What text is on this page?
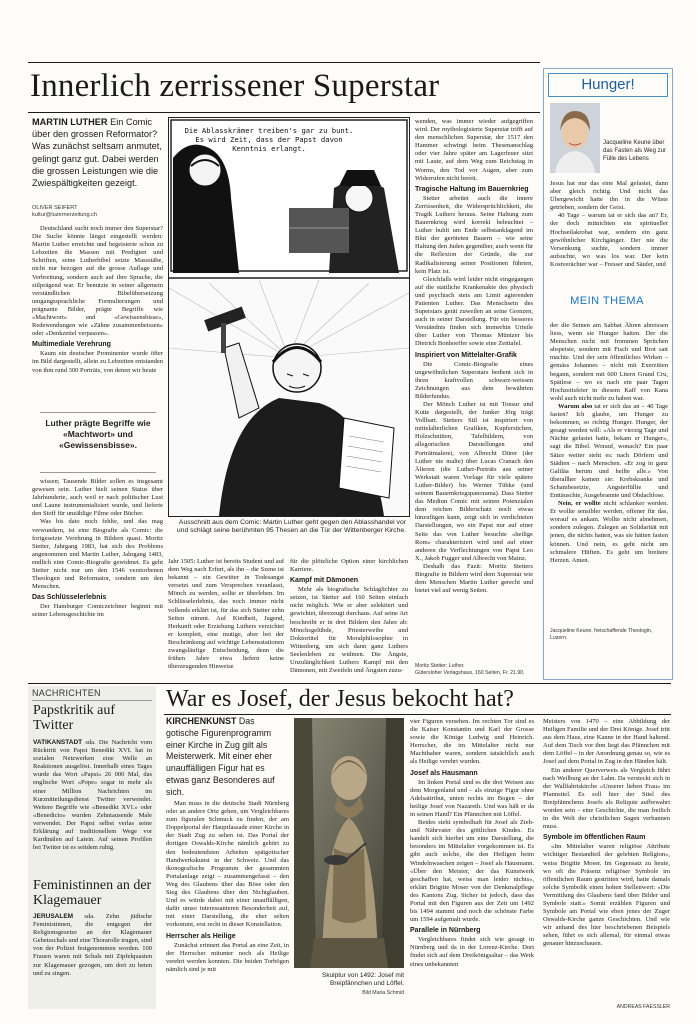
Innerlich zerrissener Superstar
MARTIN LUTHER Ein Comic über den grossen Reformator? Was zunächst seltsam anmutet, gelingt ganz gut. Dabei werden die grossen Leistungen wie die Zwiespältigkeiten gezeigt.
OLIVER SEIFERT
kultur@luzernerzeitung.ch

Deutschland sucht noch immer den Superstar? Die Suche könnte längst eingestellt werden: Martin Luther erreichte und begeisterte schon zu Lebzeiten die Massen mit Predigten und Schriften, seine Lutherbibel setzte Massstäbe, nicht nur bezogen auf die grosse Auflage und Verbreitung, sondern auch auf ihre Sprache, die stilprägend war. Er benutzte in seiner allgemein verständlichen Bibelübersetzung umgangssprachliche Formulierungen und prägnante Bilder, prägte Begriffe wie «Machtwort» und «Gewissensbisse», Redewendungen wie «Zähne zusammenbeissen» oder «Denkzettel verpassen».

Multimediale Verehrung

Kaum ein deutscher Prominenter wurde öfter im Bild dargestellt, allein zu Lebzeiten entstanden von ihm rund 300 Porträts, von denen wir heute

Luther prägte Begriffe wie «Machtwort» und «Gewissensbisse».

wissen; Tausende Bilder sollen es insgesamt gewesen sein. Luther hielt seinen Status über Jahrhunderte, auch weil er nach politischer Lust und Laune instrumentalisiert wurde, und lieferte den Stoff für unzählige Filme oder Bücher.

Was bis dato noch fehlte, und das mag verwundern, ist eine Biografie als Comic: die fortgesetzte Verehrung in Bildern quasi. Moritz Stetter, Jahrgang 1983, hat sich des Problems angenommen und Martin Luther, Jahrgang 1483, endlich eine Comic-Biografie gewidmet. Es geht Stetter nicht nur um den 1546 verstorbenen Theologen und Reformator, sondern um den Menschen.

Das Schlüsselerlebnis

Der Hamburger Comiczeichner beginnt mit seiner Lebensgeschichte im

Die Ablasskrämer treiben's gar zu bunt. Es wird Zeit, dass der Papst davon Kenntnis erlangt.
Ausschnitt aus dem Comic: Martin Luther geht gegen den Ablasshandel vor und schlägt seine berühmten 95 Thesen an die Tür der Wittenberger Kirche.

Jahr 1505: Luther ist bereits Student und auf dem Weg nach Erfurt, als ihn – die Szene ist bekannt – ein Gewitter in Todesangst versetzt und zum Versprechen veranlasst, Mönch zu werden, sollte er überleben. Im Schlüsselerlebnis, das noch immer nicht vollends erklärt ist, für das sich Stetter zehn Seiten nimmt. Auf Kindheit, Jugend, Herkunft oder Erziehung Luthers verzichtet er komplett, eine mutige, aber bei der Beschränkung auf wichtige Lebensstationen zwangsläufige Entscheidung, denn die frühen Jahre etwa liefern keine überzeugenden Hinweise

für die plötzliche Option einer kirchlichen Karriere.

Kampf mit Dämonen

Mehr als biografische Schlaglichter zu setzen, ist Stetter auf 160 Seiten einfach nicht möglich. Wie er aber selektiert und gewichtet, überzeugt durchaus. Auf seine Art beschreibt er in drei Bildern den Jahre ab: Mönchsgelübde, Priesterweihe und Doktortitel für Moralphilosophie in Wittenberg, um sich dann ganz Luthers Seelenleben zu widmen. Die Ängste, Unzulänglichkeit Luthers Kampf mit den Dämonen, mit Zweifeln und Ängsten zuzu-

wenden, was immer wieder aufgegriffen wird. Der mythologisierte Superstar trifft auf den menschlichen Superstar, der 1517 den Hammer schwingt beim Thesenanschlag oder vier Jahre später am Lagerfeuer sitzt mit Laute, auf dem Weg zum Reichstag in Worms, den Tod vor Augen, aber zum Widerrufen nicht bereit.

Tragische Haltung im Bauernkrieg

Stetter arbeitet auch die innere Zerrissenheit, die Widersprüchlichkeit, die Tragik Luthers heraus. Seine Haltung zum Bauernkrieg wird korrekt beleuchtet – Luther buhlt um Ende selbstanklagend im Blut der geröteten Bauern – wie seine Haltung den Juden gegenüber, auch wenn für die Reflexion der Gründe, die zur Radikalisierung seiner Positionen führten, kein Platz ist.

Gleichfalls wird leider nicht eingegangen auf die stattliche Krankenakte des physisch und psychisch stets am Limit agierenden Patienten Luther. Das Menschsein des Superstars gerät zuweilen an seine Grenzen, auch in seiner Darstellung. Für ein besseres Verständnis finden sich immerhin Urteile über Luther von Thomas Müntzer bis Dietrich Bonhoeffer sowie eine Zeittafel.

Inspiriert von Mittelalter-Grafik

Die Comic-Biografie eines ungewöhnlichen Superstars bedient sich in ihren kraftvollen schwarz-weissen Zeichnungen aus dem bewährten Bilderfundus.

Der Mönch Luther ist mit Tonsur und Kutte dargestellt, der Junker Jörg trägt Vollbart. Stetters Stil ist inspiriert von mittelalterlichen Grafiken, Kupferstichen, Holzschnitten, Tafelbildern, von allegorischen Darstellungen und Porträtmalerei, von Albrecht Dürer (der Luther nie malte) über Lucas Cranach den Älteren (die Luther-Porträts aus seiner Werkstatt waren Vorlage für viele spätere Luther-Bilder) bis Werner Tübke (und seinem Bauernkriegspanorama). Dass Stetter das Mediun Comic mit seinen Potenzialen dem reichen Bilderschatz noch etwas hinzufügen kann, zeigt sich in verdichteten Darstellungen, wo ein Papst nur auf einer Seite das von Luther besuchte «heilige Rom» charakterisiert wird und auf einer anderen die Verflechtungen von Papst Leo X., Jakob Fugger und Albrecht von Mainz.

Deshalb das Fazit: Moritz Stetters Biografie in Bildern wird dem Superstar wie dem Menschen Martin Luther gerecht und bietet viel auf wenig Seiten.

Moritz Stetter: Luther.
Gütersloher Verlagshaus, 160 Seiten, Fr. 21.90.
Hunger!
Jacqueline Keune über das Fasten als Weg zur Fülle des Lebens

Jesus hat nur das eine Mal gefastet, dann aber gleich richtig. Und nicht das Übergewicht hatte ihn in die Wüste getrieben, sondern der Geist.

40 Tage – warum tat er sich das an? Er, der doch mitnichten ein spiritueller Hochseilakrobat war, sondern ein ganz gewöhnlicher Kirchgänger. Der nie die Versenkung suchte, sondern immer aufsuchte, wo was los war. Der kein Kostverächter war – Fresser und Säufer, und

MEIN THEMA

der die Seinen am Sabbat Ähren abreissen liess, wenn sie Hunger hatten. Der die Menschen nicht mit frommen Sprüchen abspeiste, sondern mit Fisch und Brot satt machte. Und der sein öffentliches Wirken – gemäss Johannes – nicht mit Exerzitien begann, sondern mit 600 Litern Grand Cru, Spätlese – wo es nach ein paar Tagen Hochzeitsfeier in diesem Kaff von Kana wohl auch nicht mehr zu haben war.

Warum also tat er sich das an – 40 Tage fasten? Ich glaube, um Hunger zu bekommen, so richtig Hunger. Hunger, der gesagt werden will: «Als er vierzig Tage und Nächte gefastet hatte, bekam er Hunger», sagt die Bibel. Worauf, wonach? Ein paar Sätze weiter steht es: nach Dörfern und Städten – nach Menschen. «Er zog in ganz Galiläa herum und heilte alle.» Von überallher kamen sie: Krebskranke und Schambesetzte, Angsterfüllte und Enttäuschte, Ausgebrannte und Obdachlose.

Nein, er wollte nicht schlanker werden. Er wollte sensibler werden, offener für das, worauf es ankam. Wollte nicht abnehmen, sondern zulegen. Zulegen an Solidarität mit jenen, die nichts hatten, was sie hätten fasten können. Und nein, es geht nicht um schmalere Hüften. Es geht um breitere Herzen. Amen.

Jacqueline Keune, freischaffende Theologin, Luzern.
NACHRICHTEN
Papstkritik auf Twitter

VATIKANSTADT sda. Die Nachricht vom Rücktritt von Papst Benedikt XVI. hat in sozialen Netzwerken eine Welle an Reaktionen ausgelöst. Innerhalb eines Tages wurde das Wort «Papst» 26 000 Mal, das englische Wort «Pope» sogar in mehr als einer Million Nachrichten im Kurznitteilungsdienst Twitter verwendet. Weitere Begriffe wie «Benedikt XVI.» oder «Benedicto» wurden Zehntausende Male verwendet. Der Papst selbst verlas seine Erklärung auf traditionellem Wege vor Kardinälen auf Latein. Auf seinen Profilen bei Twitter ist es seitdem ruhig.

Feministinnen an der Klagemauer

JERUSALEM sda. Zehn jüdische Feministinnen, die entgegen der Religionsgesetze an der Klagemauer Gebetsschals und eine Thorarolle trugen, sind von der Polizei festgenommen worden. 100 Frauen waren mit Schals mit Zipfelquasten zur Klagemauer gezogen, um dort zu beten und zu singen.

War es Josef, der Jesus bekocht hat?
KIRCHENKUNST Das gotische Figurenprogramm einer Kirche in Zug gilt als Meisterwerk. Mit einer eher unauffälligen Figur hat es etwas ganz Besonderes auf sich.

Man muss in die deutsche Stadt Nürnberg oder an andere Orte gehen, um Vergleichbares zum figuralen Schmuck zu finden, der am Doppelportal der Hauptfassade einer Kirche in der Stadt Zug zu sehen ist. Das Portal der dortigen Oswalds-Kirche nämlich gehört zu den bedeutendsten Arbeiten spätgotischer Handwerkskunst in der Schweiz. Und das ikonografische Programm der gesammten Portalanlage zeigt – zusammengefasst – den Weg des Glaubens über das Böse oder den Sieg des Glaubens über den Nichtglauben. Und es würde dabei mit einer unauffälligen, dafür umso interessanteren Besonderheit auf, mit einer Darstellung, die eher selten vorkommt, erst recht in dieser Konstellation.

Herrscher als Heilige

Zunächst erinnert das Portal an eine Zeit, in der Herrscher mitunter noch als Heilige verehrt werden konnten. Die beiden Torbögen nämlich sind je mit

Skulptur von 1492: Josef mit Breipfännchen und Löffel.
Bild Maria Schmid

vier Figuren versehen. Im rechten Tor sind es die Kaiser Konstantin und Karl der Grosse sowie die Könige Ludwig und Heinrich. Herrscher, die im Mittelalter nicht nur Machthaber waren, sondern tatsächlich auch als Heilige verehrt wurden.

Josef als Hausmann

Im linken Portal sind es die drei Weisen aus dem Morgenland und – als einzige Figur ohne Adelsattribut, unten rechts im Bogen – der heilige Josef von Nazareth. Und was hält er da in seinen Hand? Ein Pfännchen mit Löffel.

Beides steht symbolhaft für Josef als Zieh- und Nährvater des göttlichen Kindes. Es handelt sich hierbei um eine Darstellung, die besonders im Mittelalter vorgekommen ist. Es gibt auch solche, die den Heiligen beim Windelnwaschen zeigen – Josef als Hausmann. «Über den Meister, der das Kunstwerk geschaffen hat, weiss man leider nichts», erklärt Brigitte Moser von der Denkmalpflege des Kantons Zug. Sicher ist jedoch, dass das Portal mit den Figuren aus der Zeit um 1492 bis 1494 stammt und noch die schönste Farbe um 1594 aufgemalt wurde.

Parallele in Nürnberg

Vergleichbares findet sich wie gesagt in Nürnberg und da in der Lorenz-Kirche. Dort findet sich auf dem Dreikönigsaltar – das Werk eines unbekannten

Meisters von 1470 – eine Abbildung der Heiligen Familie und der Drei Könige. Josef tritt aus dem Haus, eine Kanne in der Hand haltend. Auf dem Tisch vor ihm liegt das Pfännchen mit dem Löffel – in der Anordnung genau so, wie es Josef auf dem Portal in Zug in den Händen hält.

Ein anderer Querverweis als Vergleich führt nach Weilburg an der Lahn. Da versteckt sich in der Wallfahrtskirche «Unserer lieben Frau» im Pfannstiel. Es soll hier der Stiel des Breipfännchens Josefs als Reliquie aufbewahrt worden sein – eine Geschichte, die man freilich in die Welt der christlichen Sagen verbannen muss.

Symbole im öffentlichen Raum

«Im Mittelalter waren religiöse Attribute wichtiger Bestandteil der gelebten Religion», weiss Brigitte Moser. Im Gegensatz zu heute, wo oft die Präsenz religiöser Symbole im öffentlichen Raum gestritten wird, hatte damals solche Symbolik einen hohen Stellenwert: «Die Vermittlung des Glaubens fand über Bilder und Symbole statt.» Somit erzählen Figuren und Symbole am Portal wie eben jenes der Zuger Oswalds-Kirche ganze Geschichten. Und wie wir anhand des hier beschriebenen Beispiels sehen, führt es sich allemal, für einmal etwas genauer hinzuschauen.

ANDREAS FAESSLER
